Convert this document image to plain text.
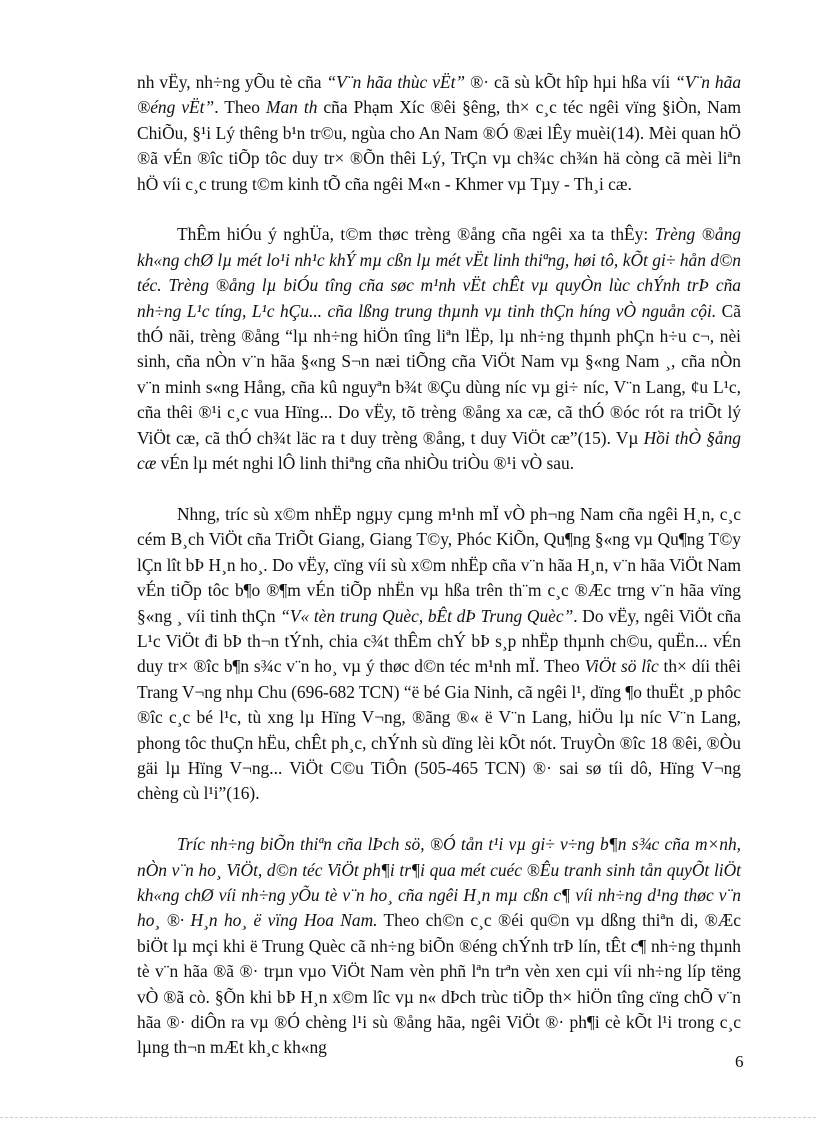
nh vËy, nh÷ng yÕu tè cña “V¨n hãa thùc vËt” ®· cã sù kÕt hîp hµi hßa víi “V¨n hãa ®éng vËt”. Theo Man th cña Phạm Xíc ®êi §êng, th× c¸c téc ngêi vïng §iÒn, Nam ChiÕu, §¹i Lý thêng b¹n tr©u, ngùa cho An Nam ®Ó ®æi lÊy muèi(14). Mèi quan hÖ ®ã vÉn ®îc tiÕp tôc duy tr× ®Õn thêi Lý, TrÇn vµ ch¾c ch¾n hä còng cã mèi liªn hÖ víi c¸c trung t©m kinh tÕ cña ngêi M«n - Khmer vµ Tµy - Th¸i cæ.

ThÊm hiÓu ý nghÜa, t©m thøc trèng ®ång cña ngêi xa ta thÊy: Trèng ®ång kh«ng chØ lµ mét lo¹i nh¹c khÝ mµ cßn lµ mét vËt linh thiªng, høi tô, kÕt gi÷ hån d©n téc. Trèng ®ång lµ biÓu tîng cña søc m¹nh vËt chÊt vµ quyÒn lùc chÝnh trÞ cña nh÷ng L¹c tíng, L¹c hÇu... cña lßng trung thµnh vµ tinh thÇn híng vÒ nguån cội. Cã thÓ nãi, trèng ®ång “lµ nh÷ng hiÖn tîng liªn lËp, lµ nh÷ng thµnh phÇn h÷u c¬, nèi sinh, cña nÒn v¨n hãa §«ng S¬n næi tiÕng cña ViÖt Nam vµ §«ng Nam ¸, cña nÒn v¨n minh s«ng Hång, cña kû nguyªn b¾t ®Çu dùng níc vµ gi÷ níc, V¨n Lang, ¢u L¹c, cña thêi ®¹i c¸c vua Hïng... Do vËy, tõ trèng ®ång xa cæ, cã thÓ ®óc rót ra triÕt lý ViÖt cæ, cã thÓ ch¾t läc ra t duy trèng ®ång, t duy ViÖt cæ”(15). Vµ Hồi thÒ §ång cæ vÉn lµ mét nghi lÔ linh thiªng cña nhiÒu triÒu ®¹i vÒ sau.

Nhng, tríc sù x©m nhËp ngµy cµng m¹nh mÏ vÒ ph¬ng Nam cña ngêi H¸n, c¸c cém B¸ch ViÖt cña TriÕt Giang, Giang T©y, Phóc KiÕn, Qu¶ng §«ng vµ Qu¶ng T©y lÇn lît bÞ H¸n ho¸. Do vËy, cïng víi sù x©m nhËp cña v¨n hãa H¸n, v¨n hãa ViÖt Nam vÉn tiÕp tôc b¶o ®¶m vÉn tiÕp nhËn vµ hßa trên th¨m c¸c ®Æc trng v¨n hãa vïng §«ng ¸ víi tinh thÇn “V« tèn trung Quèc, bÊt dÞ Trung Quèc”. Do vËy, ngêi ViÖt cña L¹c ViÖt đi bÞ th¬n tÝnh, chia c¾t thÊm chÝ bÞ s¸p nhËp thµnh ch©u, quËn... vÉn duy tr× ®îc b¶n s¾c v¨n ho¸ vµ ý thøc d©n téc m¹nh mÏ. Theo ViÖt sö lîc th× díi thêi Trang V¬ng nhµ Chu (696-682 TCN) “ë bé Gia Ninh, cã ngêi l¹, dïng ¶o thuËt ¸p phôc ®îc c¸c bé l¹c, tù xng lµ Hïng V¬ng, ®ãng ®« ë V¨n Lang, hiÖu lµ níc V¨n Lang, phong tôc thuÇn hËu, chÊt ph¸c, chÝnh sù dïng lèi kÕt nót. TruyÒn ®îc 18 ®êi, ®Òu gäi lµ Hïng V¬ng... ViÖt C©u TiÔn (505-465 TCN) ®· sai sø tíi dô, Hïng V¬ng chèng cù l¹i”(16).

Tríc nh÷ng biÕn thiªn cña lÞch sö, ®Ó tån t¹i vµ gi÷ v÷ng b¶n s¾c cña m×nh, nÒn v¨n ho¸ ViÖt, d©n téc ViÖt ph¶i tr¶i qua mét cuéc ®Êu tranh sinh tån quyÕt liÖt kh«ng chØ víi nh÷ng yÕu tè v¨n ho¸ cña ngêi H¸n mµ cßn c¶ víi nh÷ng d¹ng thøc v¨n ho¸ ®· H¸n ho¸ ë vïng Hoa Nam. Theo ch©n c¸c ®éi qu©n vµ dßng thiªn di, ®Æc biÖt lµ mçi khi ë Trung Quèc cã nh÷ng biÕn ®éng chÝnh trÞ lín, tÊt c¶ nh÷ng thµnh tè v¨n hãa ®ã ®· trµn vµo ViÖt Nam vèn phñ lªn trªn vèn xen cµi víi nh÷ng líp tëng vÒ ®ã cò. §Õn khi bÞ H¸n x©m lîc vµ n« dÞch trùc tiÕp th× hiÖn tîng cïng chÕ v¨n hãa ®· diÔn ra vµ ®Ó chèng l¹i sù ®ång hãa, ngêi ViÖt ®· ph¶i cè kÕt l¹i trong c¸c lµng th¬n mÆt kh¸c kh«ng

6
